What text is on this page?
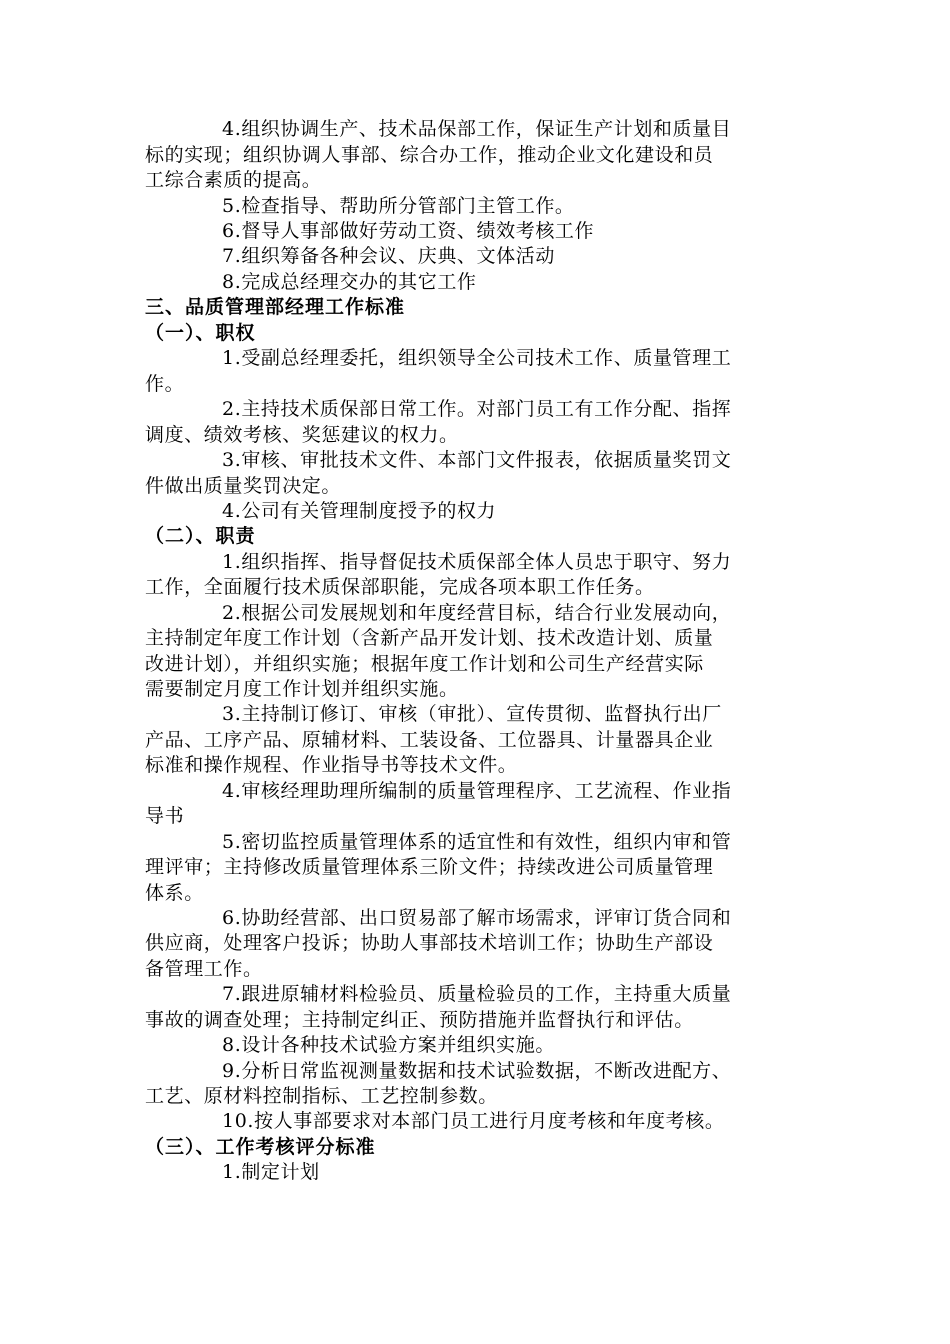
4.组织协调生产、技术品保部工作，保证生产计划和质量目
标的实现；组织协调人事部、综合办工作，推动企业文化建设和员
工综合素质的提高。
5.检查指导、帮助所分管部门主管工作。
6.督导人事部做好劳动工资、绩效考核工作
7.组织筹备各种会议、庆典、文体活动
8.完成总经理交办的其它工作
三、品质管理部经理工作标准
（一）、职权
1.受副总经理委托，组织领导全公司技术工作、质量管理工
作。
2.主持技术质保部日常工作。对部门员工有工作分配、指挥
调度、绩效考核、奖惩建议的权力。
3.审核、审批技术文件、本部门文件报表，依据质量奖罚文
件做出质量奖罚决定。
4.公司有关管理制度授予的权力
（二）、职责
1.组织指挥、指导督促技术质保部全体人员忠于职守、努力
工作，全面履行技术质保部职能，完成各项本职工作任务。
2.根据公司发展规划和年度经营目标，结合行业发展动向，
主持制定年度工作计划（含新产品开发计划、技术改造计划、质量
改进计划），并组织实施；根据年度工作计划和公司生产经营实际
需要制定月度工作计划并组织实施。
3.主持制订修订、审核（审批）、宣传贯彻、监督执行出厂
产品、工序产品、原辅材料、工装设备、工位器具、计量器具企业
标准和操作规程、作业指导书等技术文件。
4.审核经理助理所编制的质量管理程序、工艺流程、作业指
导书
5.密切监控质量管理体系的适宜性和有效性，组织内审和管
理评审；主持修改质量管理体系三阶文件；持续改进公司质量管理
体系。
6.协助经营部、出口贸易部了解市场需求，评审订货合同和
供应商，处理客户投诉；协助人事部技术培训工作；协助生产部设
备管理工作。
7.跟进原辅材料检验员、质量检验员的工作，主持重大质量
事故的调查处理；主持制定纠正、预防措施并监督执行和评估。
8.设计各种技术试验方案并组织实施。
9.分析日常监视测量数据和技术试验数据，不断改进配方、
工艺、原材料控制指标、工艺控制参数。
10.按人事部要求对本部门员工进行月度考核和年度考核。
（三）、工作考核评分标准
1.制定计划
